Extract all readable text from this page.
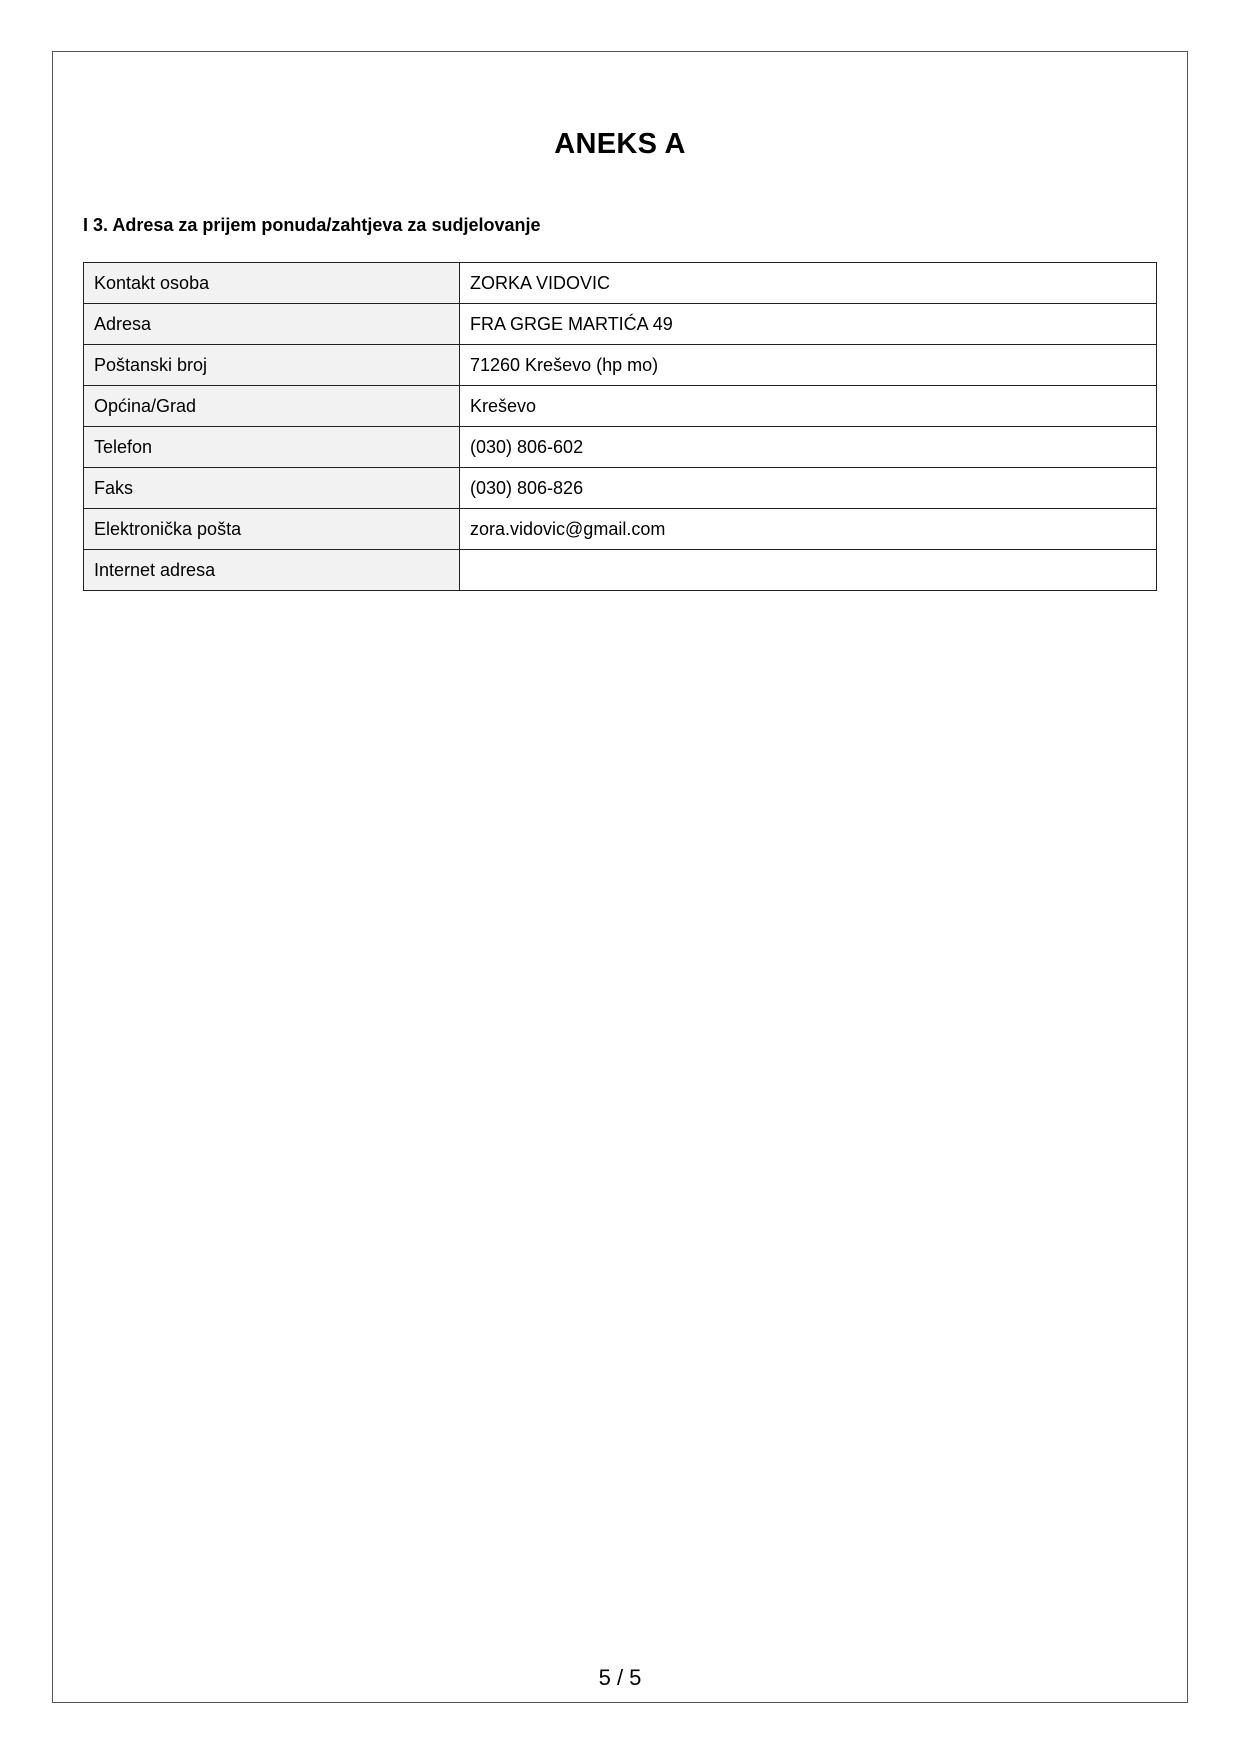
ANEKS A
I 3. Adresa za prijem ponuda/zahtjeva za sudjelovanje
Kontakt osoba	ZORKA VIDOVIC
Adresa	FRA GRGE MARTIĆA 49
Poštanski broj	71260 Kreševo (hp mo)
Općina/Grad	Kreševo
Telefon	(030) 806-602
Faks	(030) 806-826
Elektronička pošta	zora.vidovic@gmail.com
Internet adresa	
5 / 5
